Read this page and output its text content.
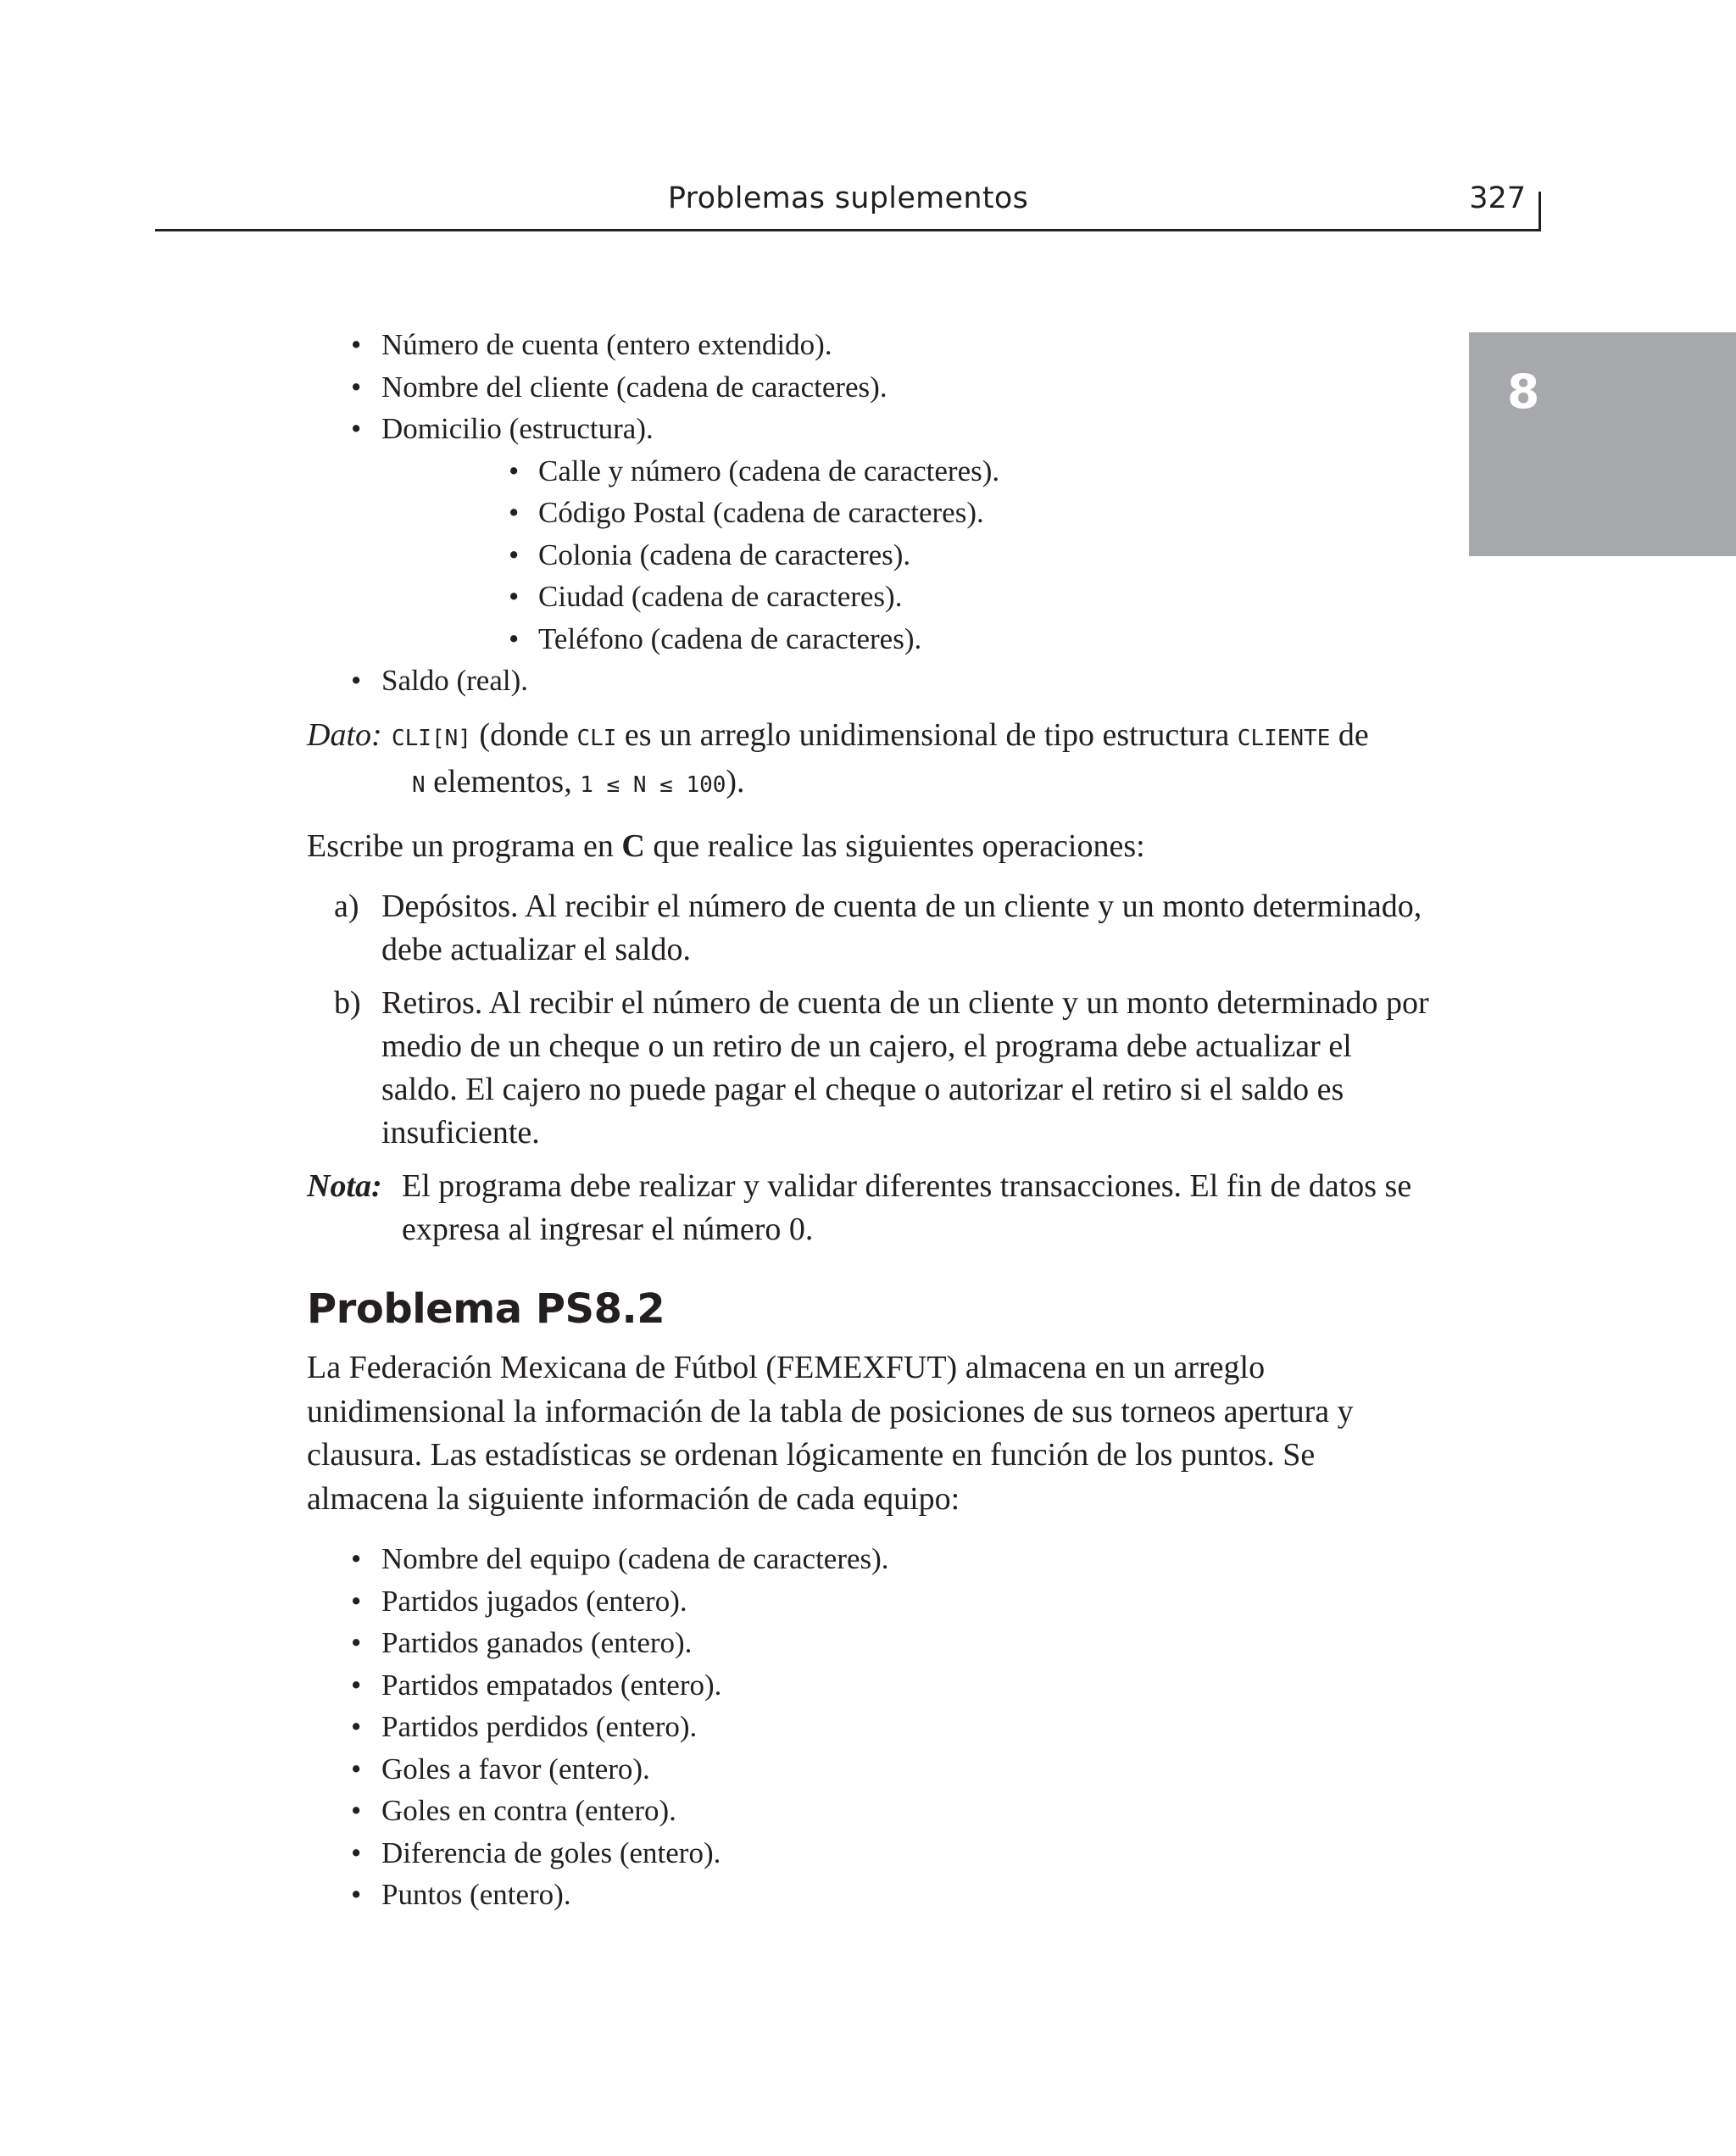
Problemas suplementos	327
8
• Número de cuenta (entero extendido).
• Nombre del cliente (cadena de caracteres).
• Domicilio (estructura).
• Calle y número (cadena de caracteres).
• Código Postal (cadena de caracteres).
• Colonia (cadena de caracteres).
• Ciudad (cadena de caracteres).
• Teléfono (cadena de caracteres).
• Saldo (real).
Dato: CLI[N] (donde CLI es un arreglo unidimensional de tipo estructura CLIENTE de
N elementos, 1 ≤ N ≤ 100).

Escribe un programa en C que realice las siguientes operaciones:

a) Depósitos. Al recibir el número de cuenta de un cliente y un monto determinado, debe actualizar el saldo.
b) Retiros. Al recibir el número de cuenta de un cliente y un monto determinado por medio de un cheque o un retiro de un cajero, el programa debe actualizar el saldo. El cajero no puede pagar el cheque o autorizar el retiro si el saldo es insuficiente.
Nota: El programa debe realizar y validar diferentes transacciones. El fin de datos se expresa al ingresar el número 0.
Problema PS8.2

La Federación Mexicana de Fútbol (FEMEXFUT) almacena en un arreglo unidimensional la información de la tabla de posiciones de sus torneos apertura y clausura. Las estadísticas se ordenan lógicamente en función de los puntos. Se almacena la siguiente información de cada equipo:

• Nombre del equipo (cadena de caracteres).
• Partidos jugados (entero).
• Partidos ganados (entero).
• Partidos empatados (entero).
• Partidos perdidos (entero).
• Goles a favor (entero).
• Goles en contra (entero).
• Diferencia de goles (entero).
• Puntos (entero).
